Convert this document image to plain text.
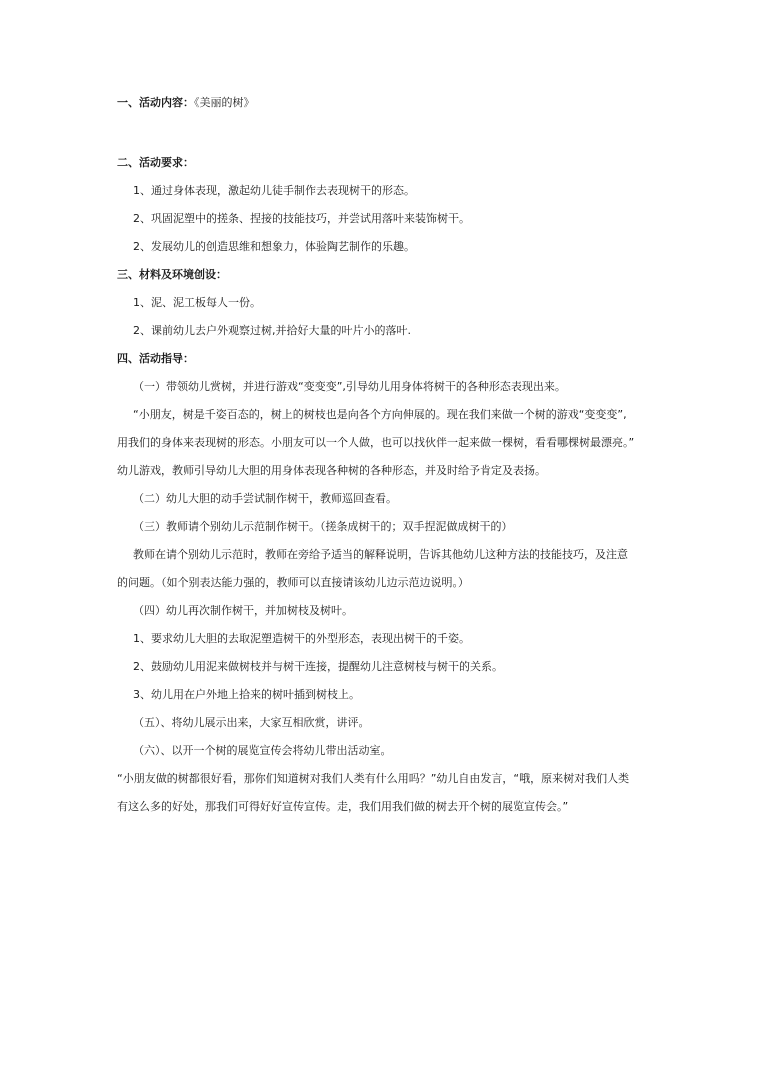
一、活动内容：《美丽的树》
二、活动要求：
1、通过身体表现，激起幼儿徒手制作去表现树干的形态。
2、巩固泥塑中的搓条、捏接的技能技巧，并尝试用落叶来装饰树干。
2、发展幼儿的创造思维和想象力，体验陶艺制作的乐趣。
三、材料及环境创设：
1、泥、泥工板每人一份。
2、课前幼儿去户外观察过树,并拾好大量的叶片小的落叶.
四、活动指导：
（一）带领幼儿赏树，并进行游戏“变变变”,引导幼儿用身体将树干的各种形态表现出来。
“小朋友，树是千姿百态的，树上的树枝也是向各个方向伸展的。现在我们来做一个树的游戏“变变变”,
用我们的身体来表现树的形态。小朋友可以一个人做，也可以找伙伴一起来做一棵树，看看哪棵树最漂亮。”
幼儿游戏，教师引导幼儿大胆的用身体表现各种树的各种形态，并及时给予肯定及表扬。
（二）幼儿大胆的动手尝试制作树干，教师巡回查看。
（三）教师请个别幼儿示范制作树干。（搓条成树干的；双手捏泥做成树干的）
教师在请个别幼儿示范时，教师在旁给予适当的解释说明，告诉其他幼儿这种方法的技能技巧，及注意
的问题。（如个别表达能力强的，教师可以直接请该幼儿边示范边说明。）
（四）幼儿再次制作树干，并加树枝及树叶。
1、要求幼儿大胆的去取泥塑造树干的外型形态，表现出树干的千姿。
2、鼓励幼儿用泥来做树枝并与树干连接，提醒幼儿注意树枝与树干的关系。
3、幼儿用在户外地上拾来的树叶插到树枝上。
（五）、将幼儿展示出来，大家互相欣赏，讲评。
（六）、以开一个树的展览宣传会将幼儿带出活动室。
“小朋友做的树都很好看，那你们知道树对我们人类有什么用吗？”幼儿自由发言，“哦，原来树对我们人类
有这么多的好处，那我们可得好好宣传宣传。走，我们用我们做的树去开个树的展览宣传会。”
